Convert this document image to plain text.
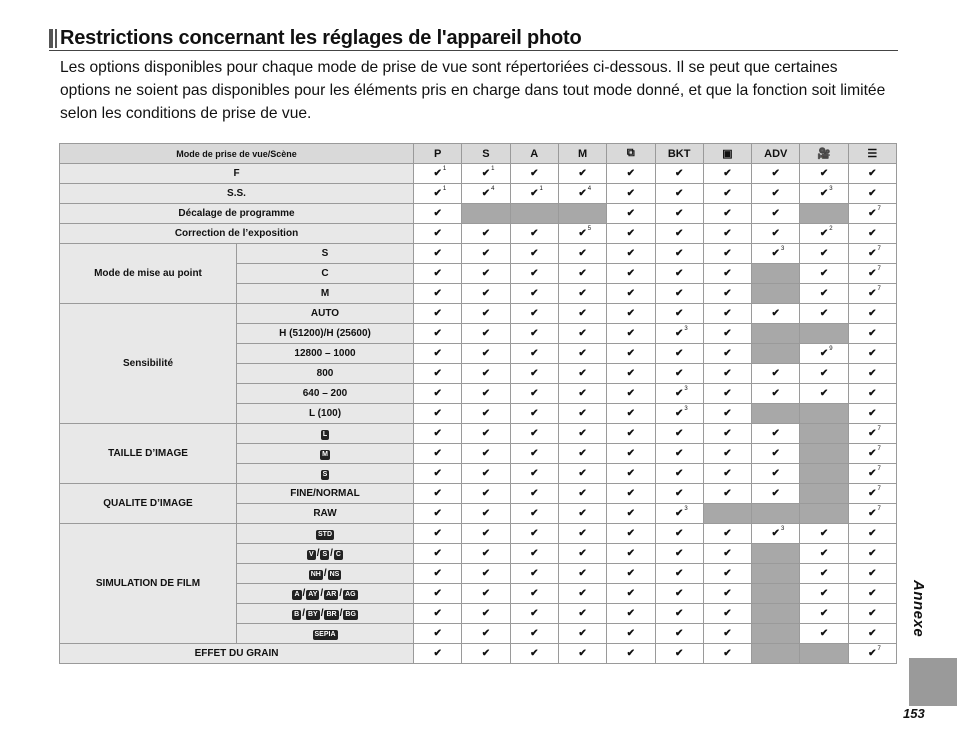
Restrictions concernant les réglages de l'appareil photo
Les options disponibles pour chaque mode de prise de vue sont répertoriées ci-dessous. Il se peut que certaines options ne soient pas disponibles pour les éléments pris en charge dans tout mode donné, et que la fonction soit limitée selon les conditions de prise de vue.
Mode de prise de vue/Scène		P	S	A	M	⧉	BKT	▣	ADV	🎥	☰
F		✔ 1	✔ 1	✔	✔	✔	✔	✔	✔	✔	✔
S.S.		✔ 1	✔ 4	✔ 1	✔ 4	✔	✔	✔	✔	✔ 3	✔
Décalage de programme		✔				✔	✔	✔	✔		✔ 7

Correction de l’exposition		✔	✔	✔	✔ 5	✔	✔	✔	✔	✔ 2	✔
Mode de mise au point	S	✔	✔	✔	✔	✔	✔	✔	✔ 3	✔	✔ 7

	C	✔	✔	✔	✔	✔	✔	✔		✔	✔ 7

	M	✔	✔	✔	✔	✔	✔	✔		✔	✔ 7

Sensibilité	AUTO	✔	✔	✔	✔	✔	✔	✔	✔	✔	✔
	H (51200)/H (25600)	✔	✔	✔	✔	✔	✔ 3	✔			✔
	12800 – 1000	✔	✔	✔	✔	✔	✔	✔		✔ 9	✔
	800	✔	✔	✔	✔	✔	✔	✔	✔	✔	✔
	640 – 200	✔	✔	✔	✔	✔	✔ 3	✔	✔	✔	✔
	L (100)	✔	✔	✔	✔	✔	✔ 3	✔			✔
TAILLE D’IMAGE	L	✔	✔	✔	✔	✔	✔	✔	✔		✔ 7

	M	✔	✔	✔	✔	✔	✔	✔	✔		✔ 7

	S	✔	✔	✔	✔	✔	✔	✔	✔		✔ 7

QUALITE D’IMAGE	FINE/NORMAL	✔	✔	✔	✔	✔	✔	✔	✔		✔ 7

	RAW	✔	✔	✔	✔	✔	✔ 3				✔ 7

SIMULATION DE FILM	STD	✔	✔	✔	✔	✔	✔	✔	✔ 3	✔	✔
	V / S / C	✔	✔	✔	✔	✔	✔	✔		✔	✔
	NH / NS	✔	✔	✔	✔	✔	✔	✔		✔	✔
	A / AY / AR / AG	✔	✔	✔	✔	✔	✔	✔		✔	✔
	B / BY / BR / BG	✔	✔	✔	✔	✔	✔	✔		✔	✔
	SEPIA	✔	✔	✔	✔	✔	✔	✔		✔	✔
EFFET DU GRAIN		✔	✔	✔	✔	✔	✔	✔			✔ 7
Annexe
153
